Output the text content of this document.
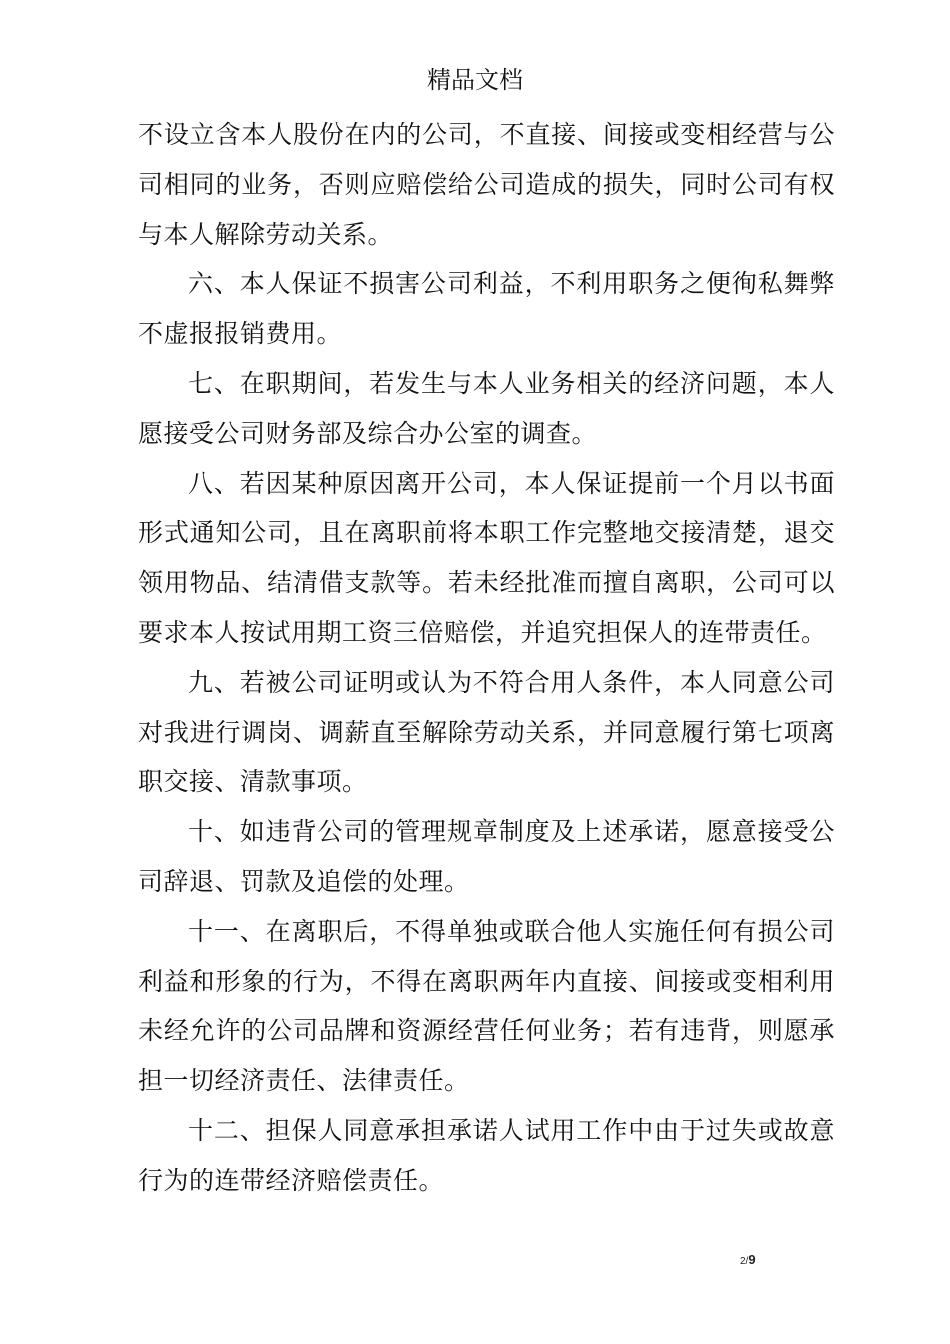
精品文档

不设立含本人股份在内的公司，不直接、间接或变相经营与公司相同的业务，否则应赔偿给公司造成的损失，同时公司有权与本人解除劳动关系。

六、本人保证不损害公司利益，不利用职务之便徇私舞弊不虚报报销费用。

七、在职期间，若发生与本人业务相关的经济问题，本人愿接受公司财务部及综合办公室的调查。

八、若因某种原因离开公司，本人保证提前一个月以书面形式通知公司，且在离职前将本职工作完整地交接清楚，退交领用物品、结清借支款等。若未经批准而擅自离职，公司可以要求本人按试用期工资三倍赔偿，并追究担保人的连带责任。

九、若被公司证明或认为不符合用人条件，本人同意公司对我进行调岗、调薪直至解除劳动关系，并同意履行第七项离职交接、清款事项。

十、如违背公司的管理规章制度及上述承诺，愿意接受公司辞退、罚款及追偿的处理。

十一、在离职后，不得单独或联合他人实施任何有损公司利益和形象的行为，不得在离职两年内直接、间接或变相利用未经允许的公司品牌和资源经营任何业务；若有违背，则愿承担一切经济责任、法律责任。

十二、担保人同意承担承诺人试用工作中由于过失或故意行为的连带经济赔偿责任。

2/9
